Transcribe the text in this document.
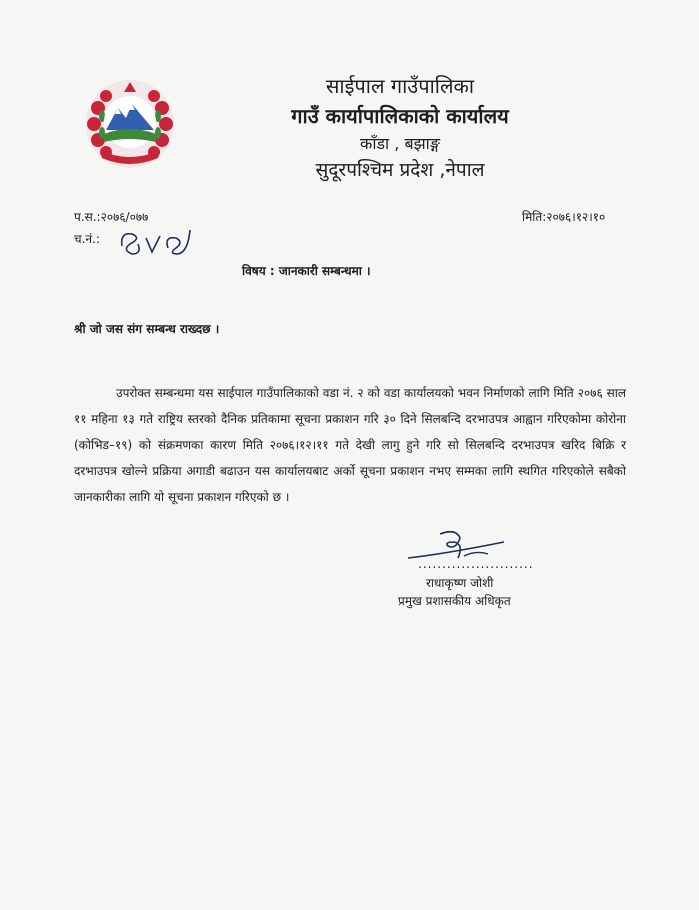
साईपाल गाउँपालिका
गाउँ कार्यापालिकाको कार्यालय
काँडा , बझाङ्ग
सुदूरपश्चिम प्रदेश ,नेपाल
प.स.:२०७६/०७७
च.नं.:
मिति:२०७६।१२।१०
विषय : जानकारी सम्बन्धमा ।
श्री जो जस संग सम्बन्ध राख्दछ ।
उपरोक्त सम्बन्धमा यस साईपाल गाउँपालिकाको वडा नं. २ को वडा कार्यालयको भवन निर्माणको लागि मिति २०७६ साल ११ महिना १३ गते राष्ट्रिय स्तरको दैनिक प्रतिकामा सूचना प्रकाशन गरि ३० दिने सिलबन्दि दरभाउपत्र आह्वान गरिएकोमा कोरोना (कोभिड–१९) को संक्रमणका कारण मिति २०७६।१२।११ गते देखी लागु हुने गरि सो सिलबन्दि दरभाउपत्र खरिद बिक्रि र दरभाउपत्र खोल्ने प्रक्रिया अगाडी बढाउन यस कार्यालयबाट अर्को सूचना प्रकाशन नभए सम्मका लागि स्थगित गरिएकोले सबैको जानकारीका लागि यो सूचना प्रकाशन गरिएको छ ।
........................
राधाकृष्ण जोशी
प्रमुख प्रशासकीय अधिकृत
